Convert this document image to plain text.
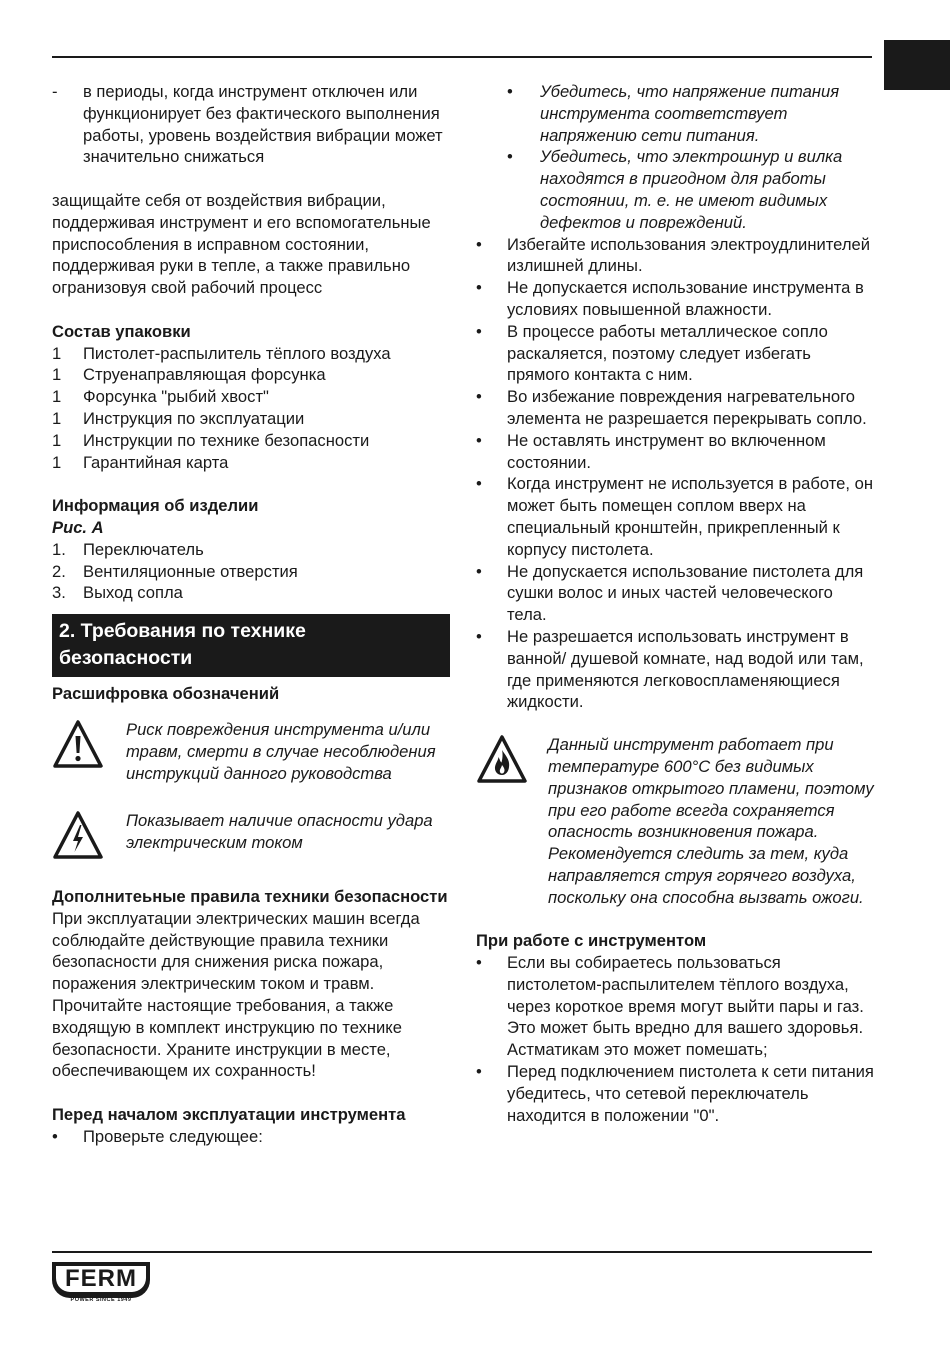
- в периоды, когда инструмент отключен или функционирует без фактического выполнения работы, уровень воздействия вибрации может значительно снижаться

защищайте себя от воздействия вибрации, поддерживая инструмент и его вспомогательные приспособления в исправном состоянии, поддерживая руки в тепле, а также правильно огранизовуя свой рабочий процесс

Состав упаковки

1 Пистолет-распылитель тёплого воздуха
1 Струенаправляющая форсунка
1 Форсунка "рыбий хвост"
1 Инструкция по эксплуатации
1 Инструкции по технике безопасности
1 Гарантийная карта

Информация об изделии

Рис. A

1. Переключатель
2. Вентиляционные отверстия
3. Выход сопла
2. Требования по технике безопасности

Расшифровка обозначений

Риск повреждения инструмента и/или травм, смерти в случае несоблюдения инструкций данного руководства

Показывает наличие опасности удара электрическим током

Дополнитеьные правила техники безопасности

При эксплуатации электрических машин всегда соблюдайте действующие правила техники безопасности для снижения риска пожара, поражения электрическим током и травм. Прочитайте настоящие требования, а также входящую в комплект инструкцию по технике безопасности. Храните инструкции в месте, обеспечивающем их сохранность!

Перед началом эксплуатации инструмента

• Проверьте следующее:
• Убедитесь, что напряжение питания инструмента соответствует напряжению сети питания.
• Убедитесь, что электрошнур и вилка находятся в пригодном для работы состоянии, т. е. не имеют видимых дефектов и повреждений.
• Избегайте использования электроудлинителей излишней длины.
• Не допускается использование инструмента в условиях повышенной влажности.
• В процессе работы металлическое сопло раскаляется, поэтому следует избегать прямого контакта с ним.
• Во избежание повреждения нагревательного элемента не разрешается перекрывать сопло.
• Не оставлять инструмент во включенном состоянии.
• Когда инструмент не используется в работе, он может быть помещен соплом вверх на специальный кронштейн, прикрепленный к корпусу пистолета.
• Не допускается использование пистолета для сушки волос и иных частей человеческого тела.
• Не разрешается использовать инструмент в ванной/ душевой комнате, над водой или там, где применяются легковоспламеняющиеся жидкости.

Данный инструмент работает при температуре 600°C без видимых признаков открытого пламени, поэтому при его работе всегда сохраняется опасность возникновения пожара. Рекомендуется следить за тем, куда направляется струя горячего воздуха, поскольку она способна вызвать ожоги.

При работе с инструментом

• Если вы собираетесь пользоваться пистолетом-распылителем тёплого воздуха, через короткое время могут выйти пары и газ. Это может быть вредно для вашего здоровья. Астматикам это может помешать;
• Перед подключением пистолета к сети питания убедитесь, что сетевой переключатель находится в положении "0".
FERM
POWER SINCE 1949
